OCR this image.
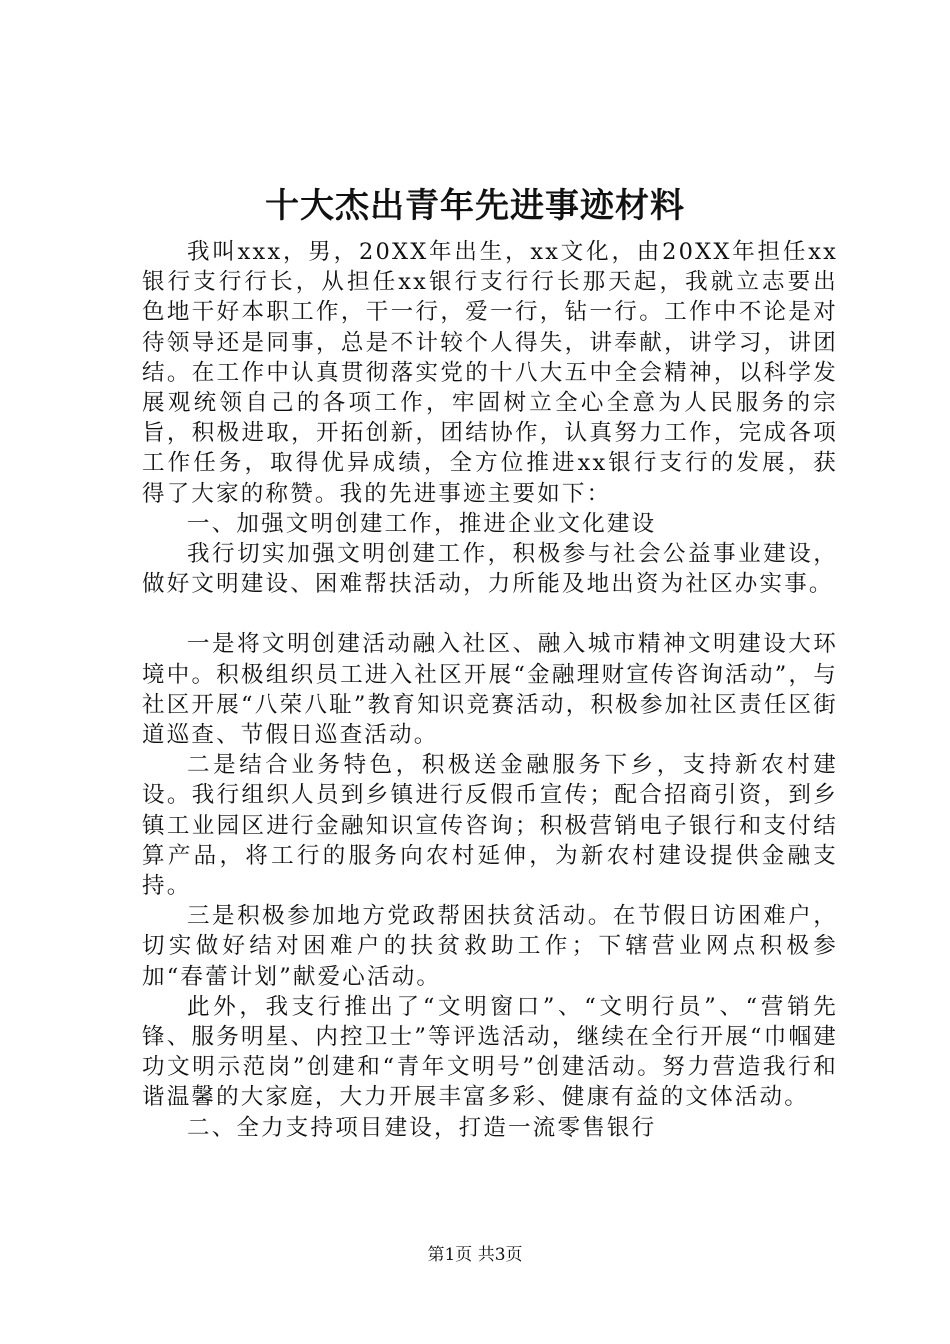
十大杰出青年先进事迹材料

我叫xxx，男，20XX年出生，xx文化，由20XX年担任xx银行支行行长，从担任xx银行支行行长那天起，我就立志要出色地干好本职工作，干一行，爱一行，钻一行。工作中不论是对待领导还是同事，总是不计较个人得失，讲奉献，讲学习，讲团结。在工作中认真贯彻落实党的十八大五中全会精神，以科学发展观统领自己的各项工作，牢固树立全心全意为人民服务的宗旨，积极进取，开拓创新，团结协作，认真努力工作，完成各项工作任务，取得优异成绩，全方位推进xx银行支行的发展，获得了大家的称赞。我的先进事迹主要如下：

一、加强文明创建工作，推进企业文化建设

我行切实加强文明创建工作，积极参与社会公益事业建设，做好文明建设、困难帮扶活动，力所能及地出资为社区办实事。

一是将文明创建活动融入社区、融入城市精神文明建设大环境中。积极组织员工进入社区开展“金融理财宣传咨询活动”，与社区开展“八荣八耻”教育知识竞赛活动，积极参加社区责任区街道巡查、节假日巡查活动。

二是结合业务特色，积极送金融服务下乡，支持新农村建设。我行组织人员到乡镇进行反假币宣传；配合招商引资，到乡镇工业园区进行金融知识宣传咨询；积极营销电子银行和支付结算产品，将工行的服务向农村延伸，为新农村建设提供金融支持。

三是积极参加地方党政帮困扶贫活动。在节假日访困难户，切实做好结对困难户的扶贫救助工作；下辖营业网点积极参加“春蕾计划”献爱心活动。

此外，我支行推出了“文明窗口”、“文明行员”、“营销先锋、服务明星、内控卫士”等评选活动，继续在全行开展“巾帼建功文明示范岗”创建和“青年文明号”创建活动。努力营造我行和谐温馨的大家庭，大力开展丰富多彩、健康有益的文体活动。

二、全力支持项目建设，打造一流零售银行

第1页 共3页
